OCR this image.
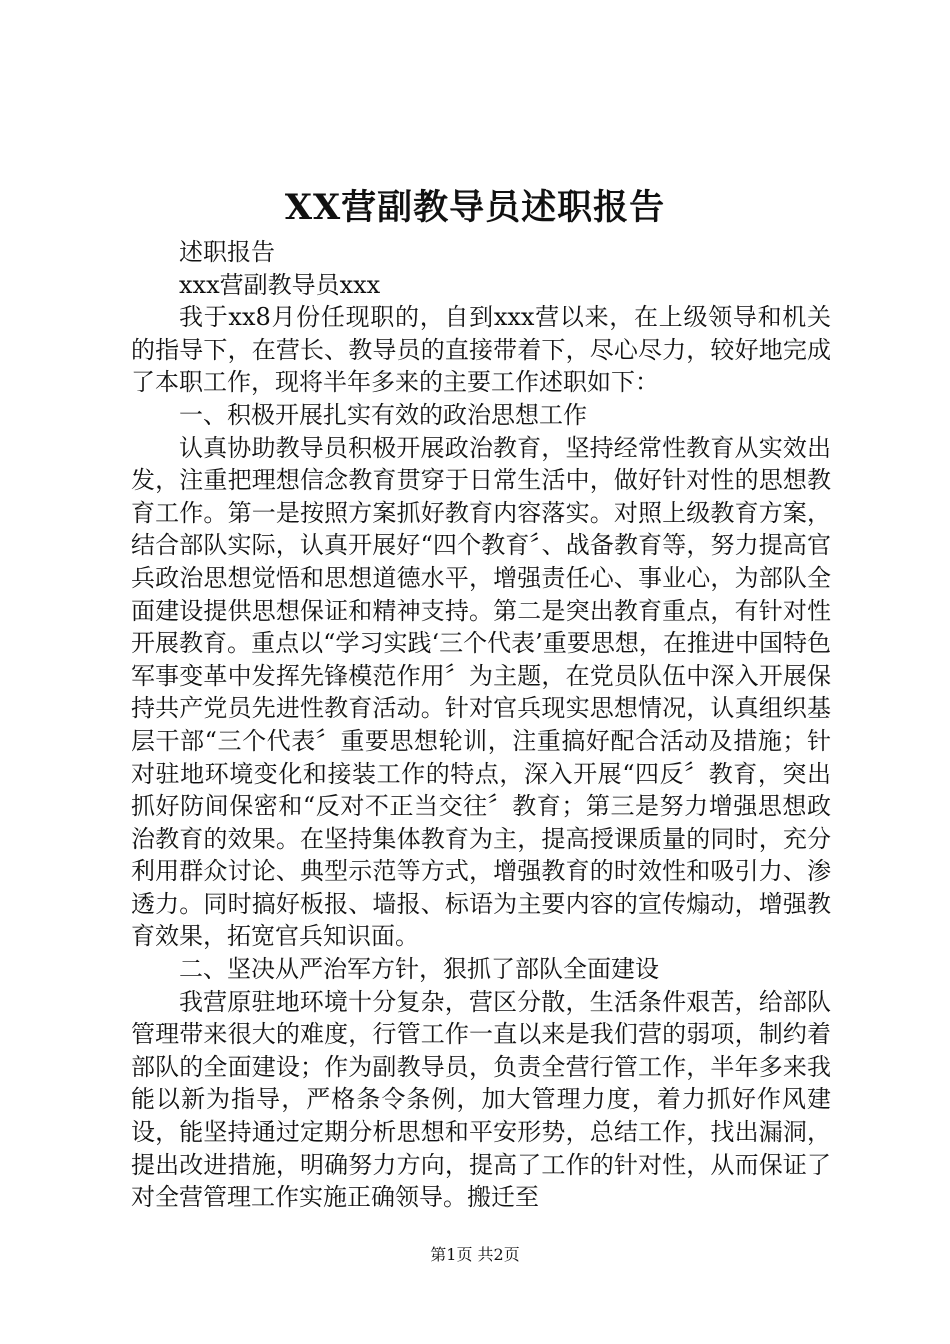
XX营副教导员述职报告

述职报告

xxx营副教导员xxx

我于xx8月份任现职的，自到xxx营以来，在上级领导和机关的指导下，在营长、教导员的直接带着下，尽心尽力，较好地完成了本职工作，现将半年多来的主要工作述职如下：

一、积极开展扎实有效的政治思想工作

认真协助教导员积极开展政治教育，坚持经常性教育从实效出发，注重把理想信念教育贯穿于日常生活中，做好针对性的思想教育工作。第一是按照方案抓好教育内容落实。对照上级教育方案，结合部队实际，认真开展好“四个教育〞、战备教育等，努力提高官兵政治思想觉悟和思想道德水平，增强责任心、事业心，为部队全面建设提供思想保证和精神支持。第二是突出教育重点，有针对性开展教育。重点以“学习实践‘三个代表’重要思想，在推进中国特色军事变革中发挥先锋模范作用〞为主题，在党员队伍中深入开展保持共产党员先进性教育活动。针对官兵现实思想情况，认真组织基层干部“三个代表〞重要思想轮训，注重搞好配合活动及措施；针对驻地环境变化和接装工作的特点，深入开展“四反〞教育，突出抓好防间保密和“反对不正当交往〞教育；第三是努力增强思想政治教育的效果。在坚持集体教育为主，提高授课质量的同时，充分利用群众讨论、典型示范等方式，增强教育的时效性和吸引力、渗透力。同时搞好板报、墙报、标语为主要内容的宣传煽动，增强教育效果，拓宽官兵知识面。

二、坚决从严治军方针，狠抓了部队全面建设

我营原驻地环境十分复杂，营区分散，生活条件艰苦，给部队管理带来很大的难度，行管工作一直以来是我们营的弱项，制约着部队的全面建设；作为副教导员，负责全营行管工作，半年多来我能以新为指导，严格条令条例，加大管理力度，着力抓好作风建设，能坚持通过定期分析思想和平安形势，总结工作，找出漏洞，提出改进措施，明确努力方向，提高了工作的针对性，从而保证了对全营管理工作实施正确领导。搬迁至

第1页 共2页
